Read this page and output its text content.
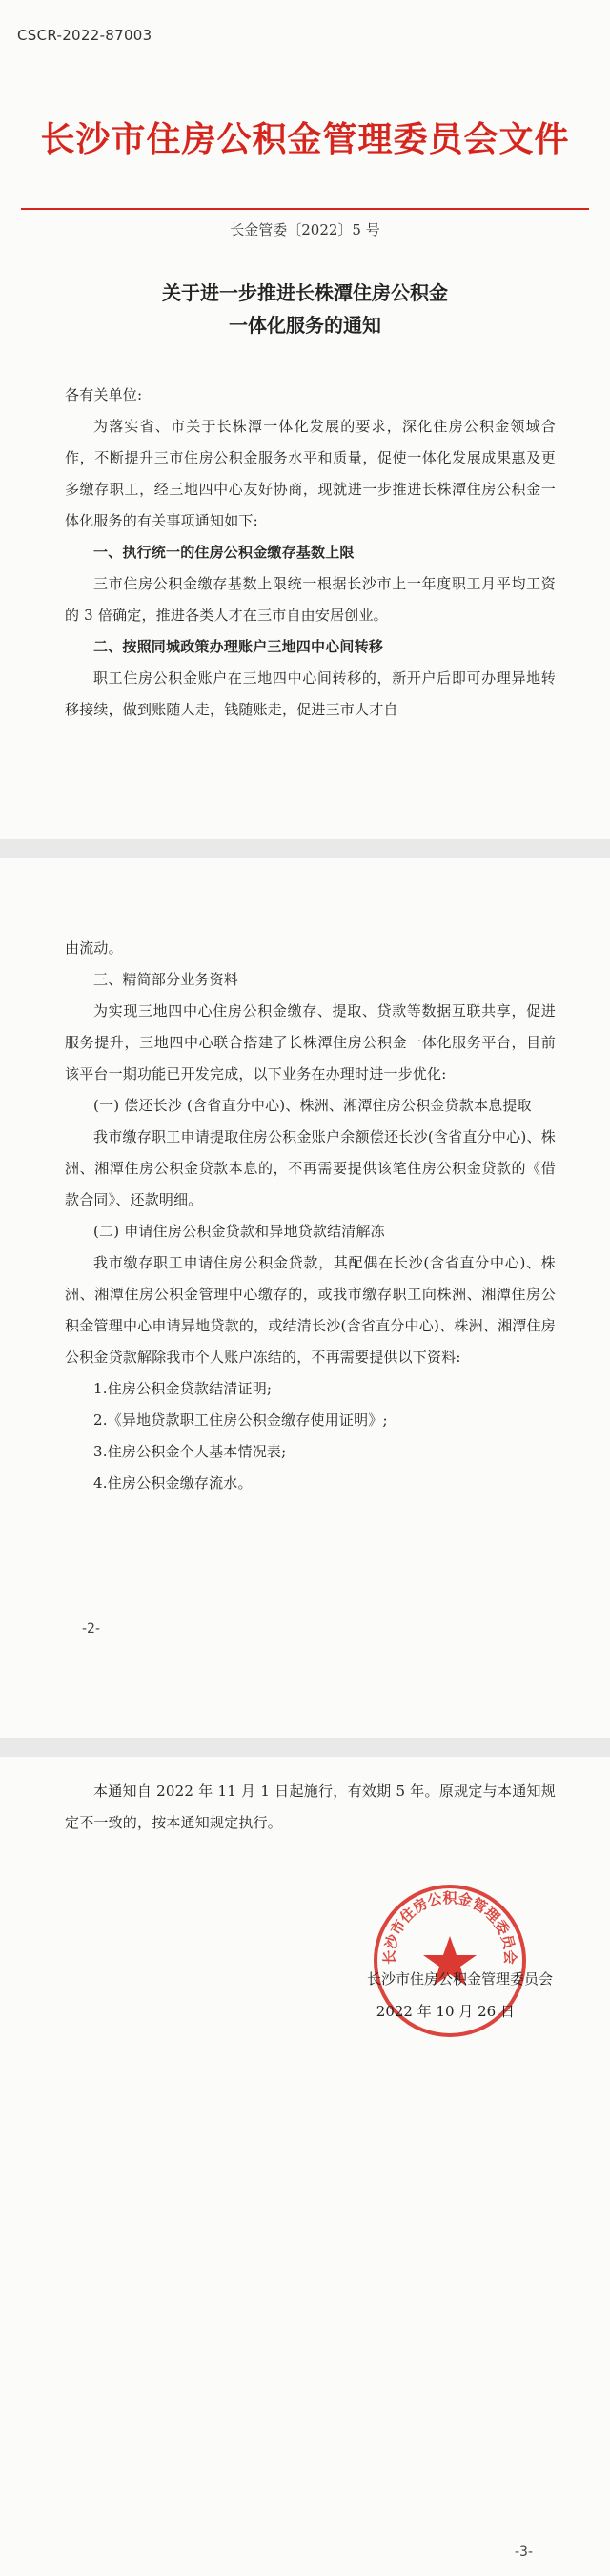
CSCR-2022-87003
长沙市住房公积金管理委员会文件
长金管委〔2022〕5 号
关于进一步推进长株潭住房公积金
一体化服务的通知

各有关单位:

为落实省、市关于长株潭一体化发展的要求，深化住房公积金领域合作，不断提升三市住房公积金服务水平和质量，促使一体化发展成果惠及更多缴存职工，经三地四中心友好协商，现就进一步推进长株潭住房公积金一体化服务的有关事项通知如下:

一、执行统一的住房公积金缴存基数上限

三市住房公积金缴存基数上限统一根据长沙市上一年度职工月平均工资的 3 倍确定，推进各类人才在三市自由安居创业。

二、按照同城政策办理账户三地四中心间转移

职工住房公积金账户在三地四中心间转移的，新开户后即可办理异地转移接续，做到账随人走，钱随账走，促进三市人才自

由流动。

三、精简部分业务资料

为实现三地四中心住房公积金缴存、提取、贷款等数据互联共享，促进服务提升，三地四中心联合搭建了长株潭住房公积金一体化服务平台，目前该平台一期功能已开发完成，以下业务在办理时进一步优化:

(一) 偿还长沙 (含省直分中心)、株洲、湘潭住房公积金贷款本息提取

我市缴存职工申请提取住房公积金账户余额偿还长沙(含省直分中心)、株洲、湘潭住房公积金贷款本息的，不再需要提供该笔住房公积金贷款的《借款合同》、还款明细。

(二) 申请住房公积金贷款和异地贷款结清解冻

我市缴存职工申请住房公积金贷款，其配偶在长沙(含省直分中心)、株洲、湘潭住房公积金管理中心缴存的，或我市缴存职工向株洲、湘潭住房公积金管理中心申请异地贷款的，或结清长沙(含省直分中心)、株洲、湘潭住房公积金贷款解除我市个人账户冻结的，不再需要提供以下资料:

1.住房公积金贷款结清证明;

2.《异地贷款职工住房公积金缴存使用证明》;

3.住房公积金个人基本情况表;

4.住房公积金缴存流水。

-2-

本通知自 2022 年 11 月 1 日起施行，有效期 5 年。原规定与本通知规定不一致的，按本通知规定执行。

长沙市住房公积金管理委员会
长沙市住房公积金管理委员会
2022 年 10 月 26 日
-3-
